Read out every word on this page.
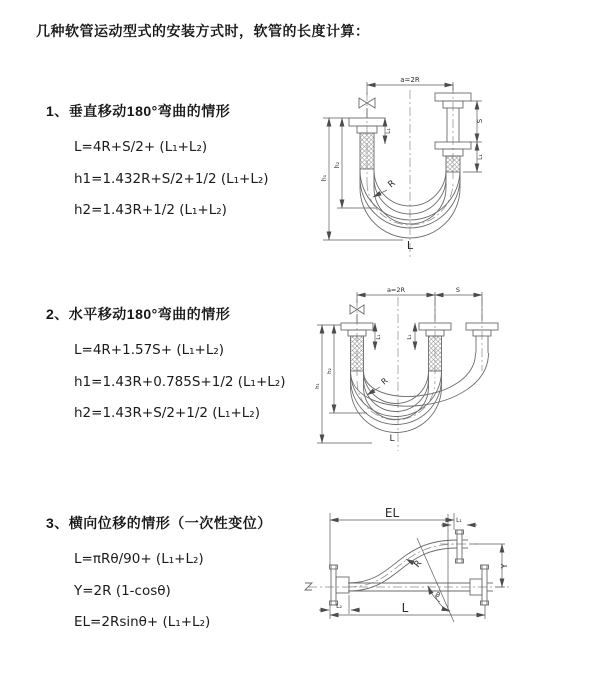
几种软管运动型式的安装方式时，软管的长度计算：
1、垂直移动180°弯曲的情形
L=4R+S/2+ (L₁+L₂)
h1=1.432R+S/2+1/2 (L₁+L₂)
h2=1.43R+1/2 (L₁+L₂)
2、水平移动180°弯曲的情形
L=4R+1.57S+ (L₁+L₂)
h1=1.43R+0.785S+1/2 (L₁+L₂)
h2=1.43R+S/2+1/2 (L₁+L₂)
3、横向位移的情形（一次性变位）
L=πRθ/90+ (L₁+L₂)
Y=2R (1-cosθ)
EL=2Rsinθ+ (L₁+L₂)
a=2R
S
L₁
L₁
h₁
h₂
R
L
a=2R	S
L₁	L₁
h₁
h₂
R
L
EL
L₁
Y
θ
R
L
L₂
